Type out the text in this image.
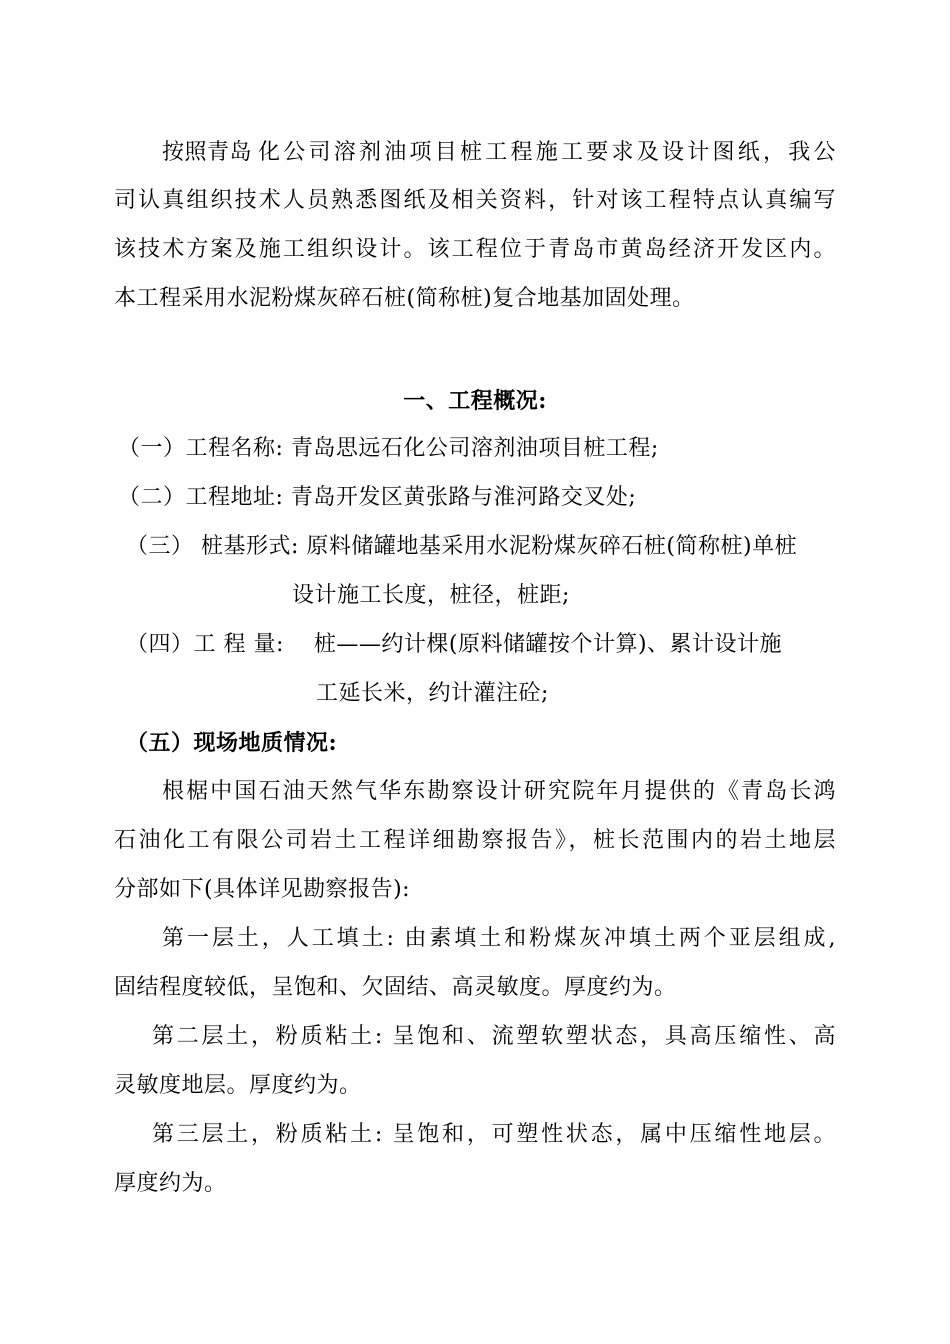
按照青岛 化公司溶剂油项目桩工程施工要求及设计图纸，我公
司认真组织技术人员熟悉图纸及相关资料，针对该工程特点认真编写
该技术方案及施工组织设计。该工程位于青岛市黄岛经济开发区内。
本工程采用水泥粉煤灰碎石桩(简称桩)复合地基加固处理。
一、工程概况:
（一）工程名称: 青岛思远石化公司溶剂油项目桩工程;
（二）工程地址: 青岛开发区黄张路与淮河路交叉处;
（三） 桩基形式: 原料储罐地基采用水泥粉煤灰碎石桩(简称桩)单桩
设计施工长度，桩径，桩距;
（四）工 程 量:　 桩——约计棵(原料储罐按个计算)、累计设计施
工延长米，约计灌注砼;
（五）现场地质情况:
根椐中国石油天然气华东勘察设计研究院年月提供的《青岛长鸿
石油化工有限公司岩土工程详细勘察报告》，桩长范围内的岩土地层
分部如下(具体详见勘察报告):
第一层土，人工填土: 由素填土和粉煤灰冲填土两个亚层组成,
固结程度较低，呈饱和、欠固结、高灵敏度。厚度约为。
第二层土，粉质粘土: 呈饱和、流塑软塑状态，具高压缩性、高
灵敏度地层。厚度约为。
第三层土，粉质粘土: 呈饱和，可塑性状态，属中压缩性地层。
厚度约为。
